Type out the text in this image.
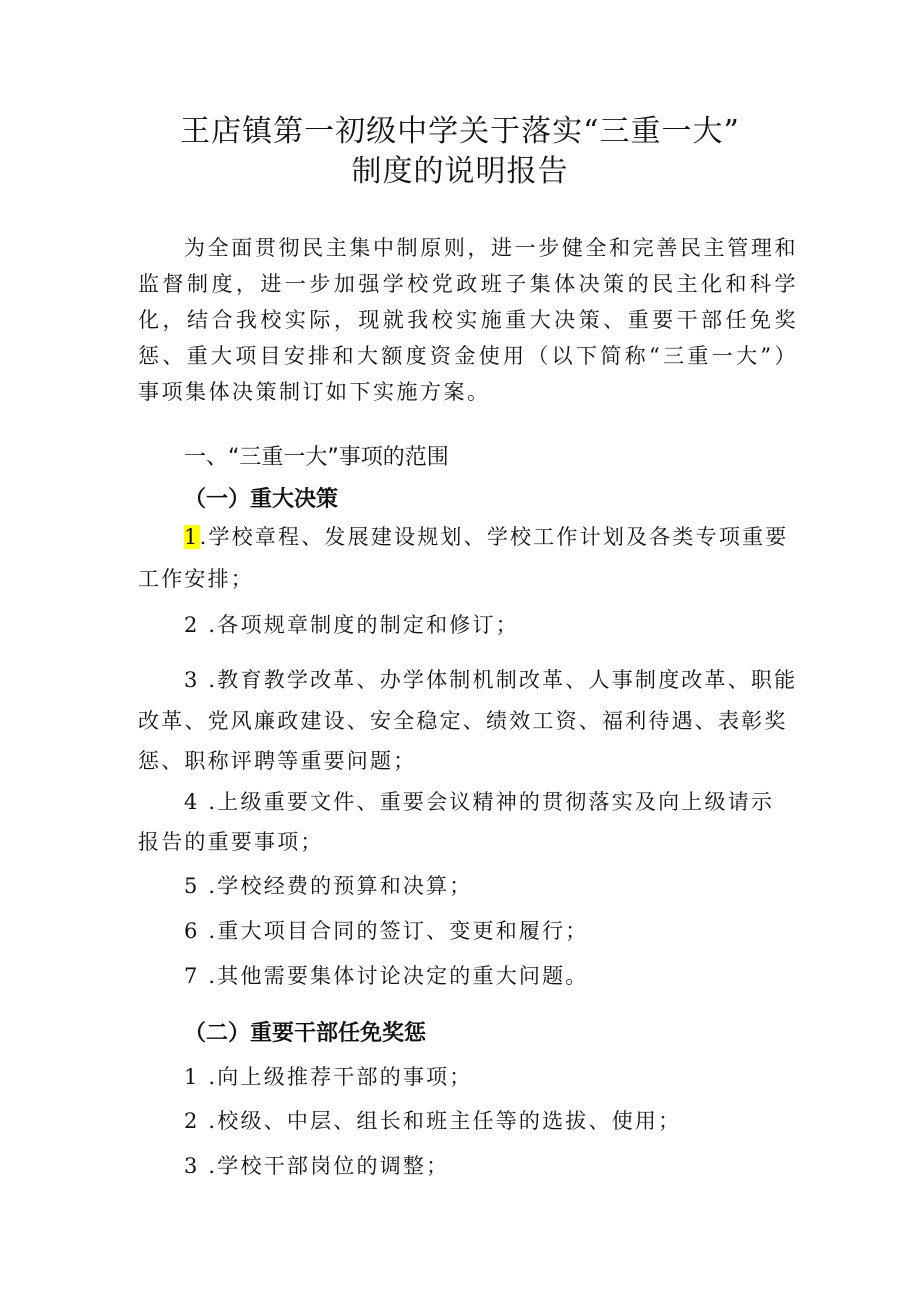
王店镇第一初级中学关于落实“三重一大”
制度的说明报告
为全面贯彻民主集中制原则，进一步健全和完善民主管理和监督制度，进一步加强学校党政班子集体决策的民主化和科学化，结合我校实际，现就我校实施重大决策、重要干部任免奖惩、重大项目安排和大额度资金使用（以下简称“三重一大”）事项集体决策制订如下实施方案。
一、“三重一大”事项的范围
（一）重大决策
1.学校章程、发展建设规划、学校工作计划及各类专项重要
工作安排；
2 .各项规章制度的制定和修订；
3 .教育教学改革、办学体制机制改革、人事制度改革、职能
改革、党风廉政建设、安全稳定、绩效工资、福利待遇、表彰奖
惩、职称评聘等重要问题；
4 .上级重要文件、重要会议精神的贯彻落实及向上级请示
报告的重要事项；
5 .学校经费的预算和决算；
6 .重大项目合同的签订、变更和履行；
7 .其他需要集体讨论决定的重大问题。
（二）重要干部任免奖惩
1 .向上级推荐干部的事项；
2 .校级、中层、组长和班主任等的选拔、使用；
3 .学校干部岗位的调整；
